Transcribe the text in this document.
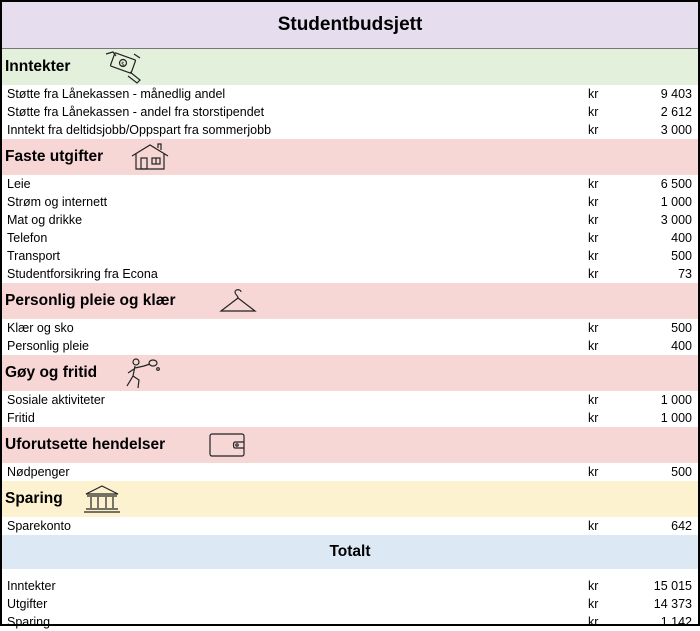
Studentbudsjett
Inntekter	$
Støtte fra Lånekassen - månedlig andel	kr	9 403
Støtte fra Lånekassen - andel fra storstipendet	kr	2 612
Inntekt fra deltidsjobb/Oppspart fra sommerjobb	kr	3 000
Faste utgifter
Leie	kr	6 500
Strøm og internett	kr	1 000
Mat og drikke	kr	3 000
Telefon	kr	400
Transport	kr	500
Studentforsikring fra Econa	kr	73
Personlig pleie og klær
Klær og sko	kr	500
Personlig pleie	kr	400
Gøy og fritid
Sosiale aktiviteter	kr	1 000
Fritid	kr	1 000
Uforutsette hendelser
Nødpenger	kr	500
Sparing
Sparekonto	kr	642
Totalt
Inntekter	kr	15 015
Utgifter	kr	14 373
Sparing	kr	1 142
